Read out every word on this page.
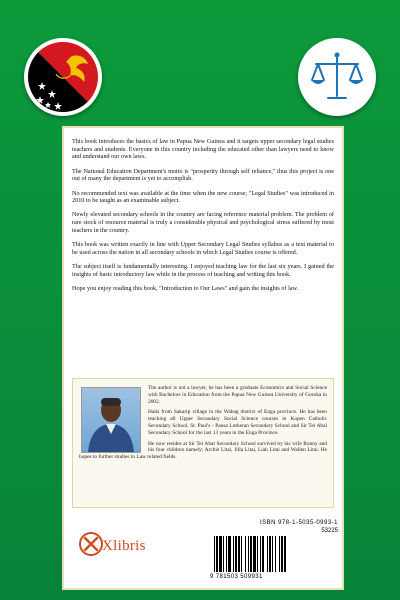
This book introduces the basics of law in Papua New Guinea and it targets upper secondary legal studies teachers and students. Everyone in this country including the educated other than lawyers need to know and understand our own laws.

The National Education Department's motto is "prosperity through self reliance," thus this project is one out of many the department is yet to accomplish.

No recommended text was available at the time when the new course; "Legal Studies" was introduced in 2010 to be taught as an examinable subject.

Newly elevated secondary schools in the country are facing reference material problem. The problem of rare stock of resource material is truly a considerable physical and psychological stress suffered by most teachers in the country.

This book was written exactly in line with Upper Secondary Legal Studies syllabus as a text material to be used across the nation in all secondary schools in which Legal Studies course is offered.

The subject itself is fundamentally interesting. I enjoyed teaching law for the last six years. I gained the insights of basic introductory law while in the process of teaching and writing this book.

Hope you enjoy reading this book, "Introduction to Our Laws" and gain the insights of law.

The author is not a lawyer, he has been a graduate Economics and Social Science with Bachelors in Education from the Papua New Guinea University of Goroka in 2002.

Hails from Sakarip village in the Wabag district of Enga province. He has been teaching all Upper Secondary Social Science courses in Kopen Catholic Secondary School, St. Paul's - Pausa Lutheran Secondary School and Sir Tei Abal Secondary School for the last 13 years in the Enga Province.

He now resides at Sir Tei Abal Secondary School survived by his wife Ronny and his four children namely; Archie Litai, Jilla Litai, Liah Litai and Wallen Litai. He hopes to further studies in Law related fields.

Xlibris
ISBN 978-1-5035-0993-1
53225
9 781503 509931
